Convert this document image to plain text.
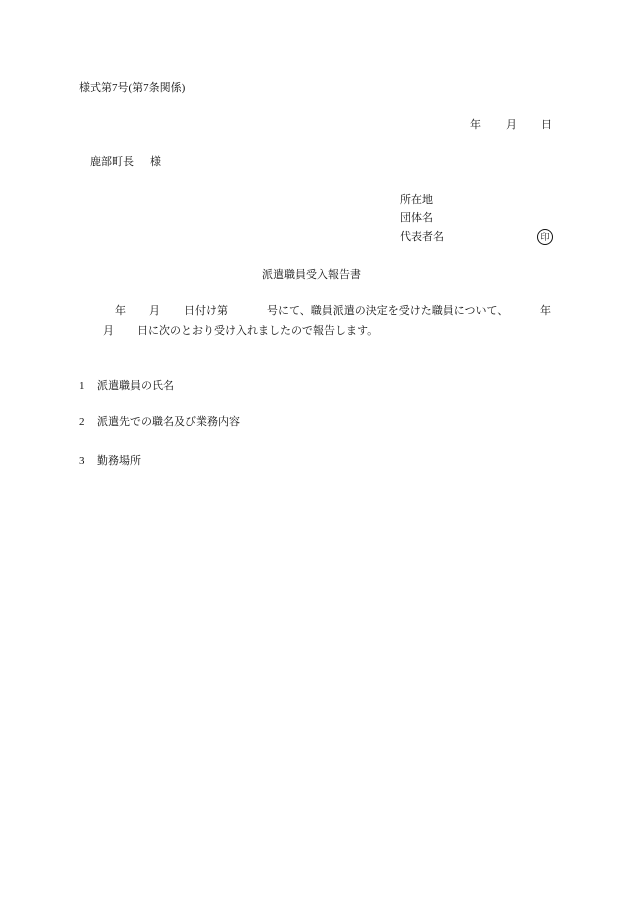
様式第7号(第7条関係)
年 月 日
鹿部町長 様
所在地
団体名
代表者名	印
派遣職員受入報告書
年 月 日付け第	号にて、職員派遣の決定を受けた職員について、	年
月 日に次のとおり受け入れましたので報告します。
1 派遣職員の氏名
2 派遣先での職名及び業務内容
3 勤務場所
